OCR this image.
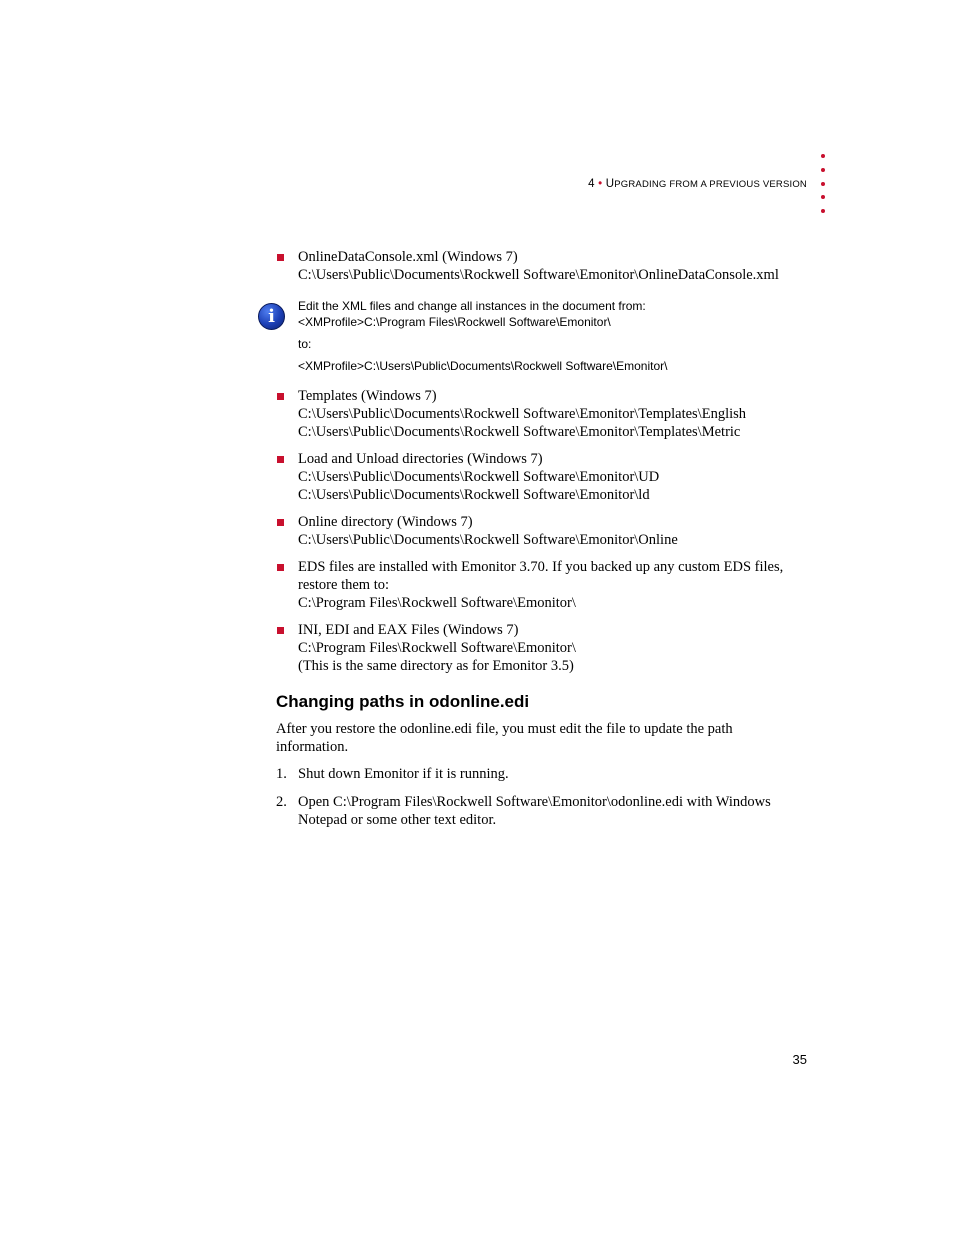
4 • UPGRADING FROM A PREVIOUS VERSION
OnlineDataConsole.xml (Windows 7)
C:\Users\Public\Documents\Rockwell Software\Emonitor\OnlineDataConsole.xml
i	Edit the XML files and change all instances in the document from:
<XMProfile>C:\Program Files\Rockwell Software\Emonitor\
to:
<XMProfile>C:\Users\Public\Documents\Rockwell Software\Emonitor\
Templates (Windows 7)
C:\Users\Public\Documents\Rockwell Software\Emonitor\Templates\English
C:\Users\Public\Documents\Rockwell Software\Emonitor\Templates\Metric
Load and Unload directories (Windows 7)
C:\Users\Public\Documents\Rockwell Software\Emonitor\UD
C:\Users\Public\Documents\Rockwell Software\Emonitor\ld
Online directory (Windows 7)
C:\Users\Public\Documents\Rockwell Software\Emonitor\Online
EDS files are installed with Emonitor 3.70. If you backed up any custom EDS files,
restore them to:
C:\Program Files\Rockwell Software\Emonitor\
INI, EDI and EAX Files (Windows 7)
C:\Program Files\Rockwell Software\Emonitor\
(This is the same directory as for Emonitor 3.5)
Changing paths in odonline.edi
After you restore the odonline.edi file, you must edit the file to update the path
information.
1. Shut down Emonitor if it is running.
2. Open C:\Program Files\Rockwell Software\Emonitor\odonline.edi with Windows
Notepad or some other text editor.
35
